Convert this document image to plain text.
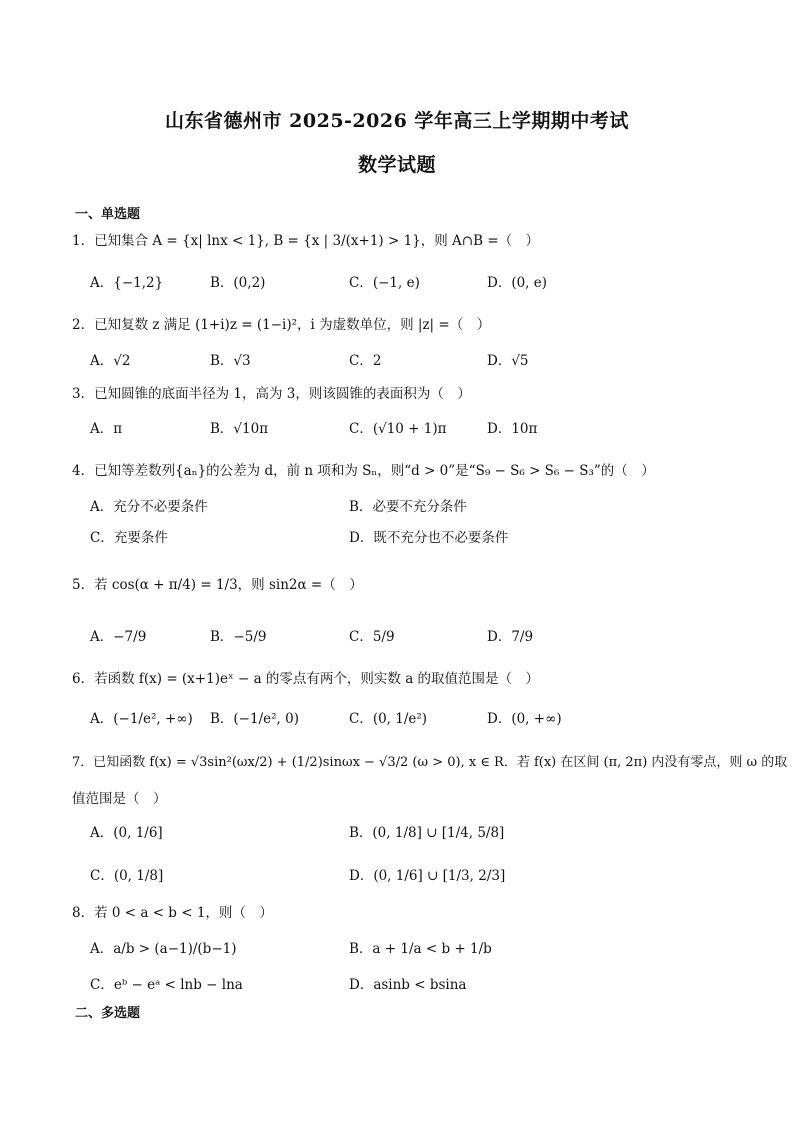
山东省德州市 2025-2026 学年高三上学期期中考试
数学试题
一、单选题
1．已知集合 A = {x| lnx < 1}, B = {x | 3/(x+1) > 1}，则 A∩B =（　）
A．{−1,2}	B．(0,2)	C．(−1, e)	D．(0, e)
2．已知复数 z 满足 (1+i)z = (1−i)²，i 为虚数单位，则 |z| =（　）
A．√2	B．√3	C．2	D．√5
3．已知圆锥的底面半径为 1，高为 3，则该圆锥的表面积为（　）
A．π	B．√10π	C．(√10 + 1)π	D．10π
4．已知等差数列{aₙ}的公差为 d，前 n 项和为 Sₙ，则“d > 0”是“S₉ − S₆ > S₆ − S₃”的（　）
A．充分不必要条件	B．必要不充分条件
C．充要条件	D．既不充分也不必要条件
5．若 cos(α + π/4) = 1/3，则 sin2α =（　）
A．−7/9	B．−5/9	C．5/9	D．7/9
6．若函数 f(x) = (x+1)eˣ − a 的零点有两个，则实数 a 的取值范围是（　）
A．(−1/e², +∞) B．(−1/e², 0)	C．(0, 1/e²)	D．(0, +∞)
7．已知函数 f(x) = √3sin²(ωx/2) + (1/2)sinωx − √3/2 (ω > 0), x ∈ R．若 f(x) 在区间 (π, 2π) 内没有零点，则 ω 的取
值范围是（　）
A．(0, 1/6]	B．(0, 1/8] ∪ [1/4, 5/8]
C．(0, 1/8]	D．(0, 1/6] ∪ [1/3, 2/3]
8．若 0 < a < b < 1，则（　）
A．a/b > (a−1)/(b−1)	B．a + 1/a < b + 1/b
C．eᵇ − eᵃ < lnb − lna	D．asinb < bsina
二、多选题
